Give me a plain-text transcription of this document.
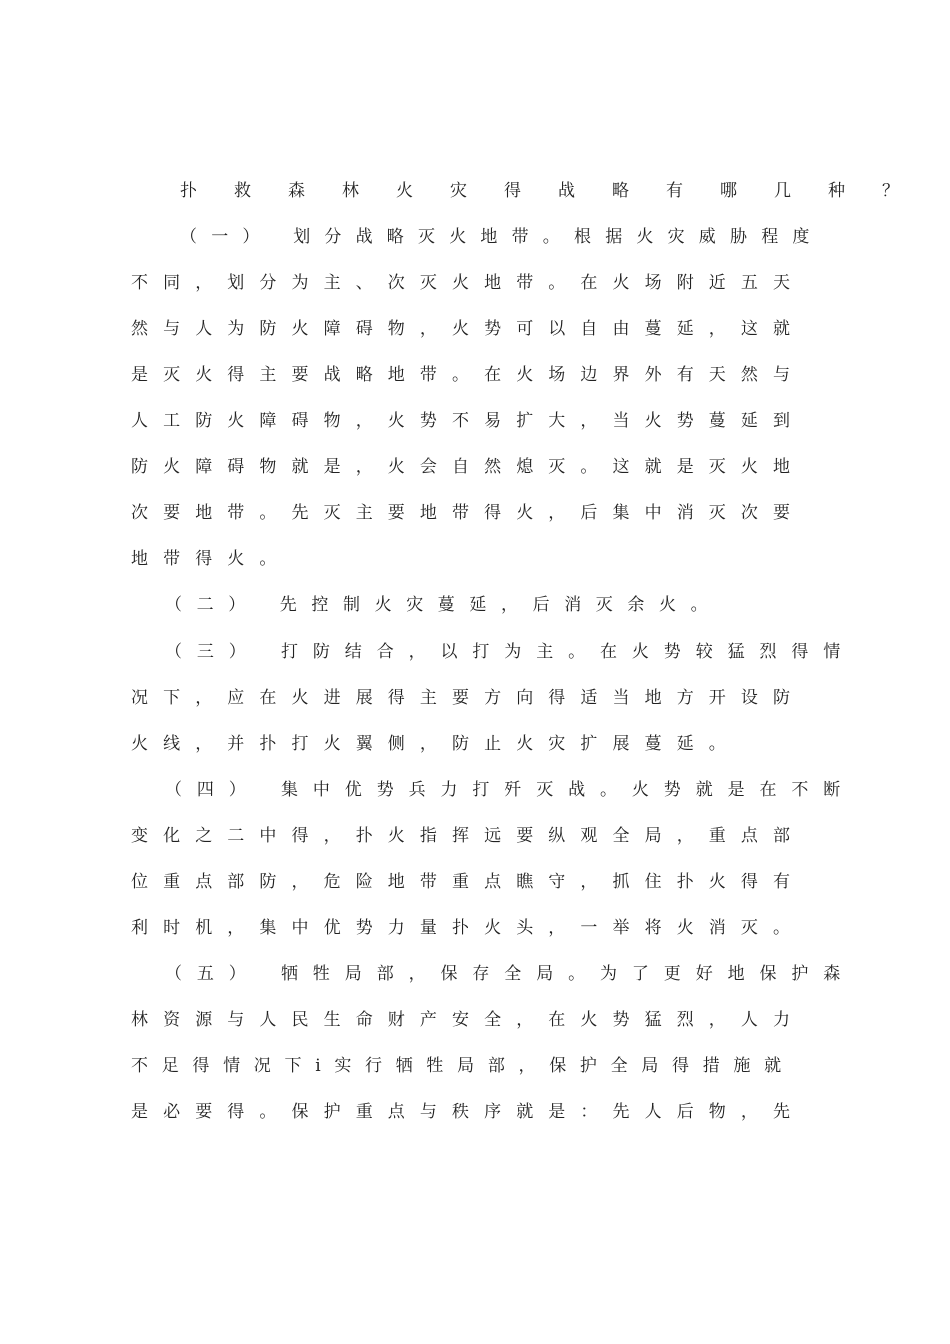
扑 救 森 林 火 灾 得 战 略 有 哪 几 种 ？
（一） 划分战略灭火地带。根据火灾威胁程度
不同，划分为主、次灭火地带。在火场附近五天
然与人为防火障碍物，火势可以自由蔓延，这就
是灭火得主要战略地带。在火场边界外有天然与
人工防火障碍物，火势不易扩大，当火势蔓延到
防火障碍物就是，火会自然熄灭。这就是灭火地
次要地带。先灭主要地带得火，后集中消灭次要
地带得火。
（二） 先控制火灾蔓延，后消灭余火。
（三） 打防结合，以打为主。在火势较猛烈得情
况下，应在火进展得主要方向得适当地方开设防
火线，并扑打火翼侧，防止火灾扩展蔓延。
（四） 集中优势兵力打歼灭战。火势就是在不断
变化之二中得，扑火指挥远要纵观全局，重点部
位重点部防，危险地带重点瞧守，抓住扑火得有
利时机，集中优势力量扑火头，一举将火消灭。
（五） 牺牲局部，保存全局。为了更好地保护森
林资源与人民生命财产安全，在火势猛烈，人力
不足得情况下i实行牺牲局部，保护全局得措施就
是必要得。保护重点与秩序就是：先人后物，先
